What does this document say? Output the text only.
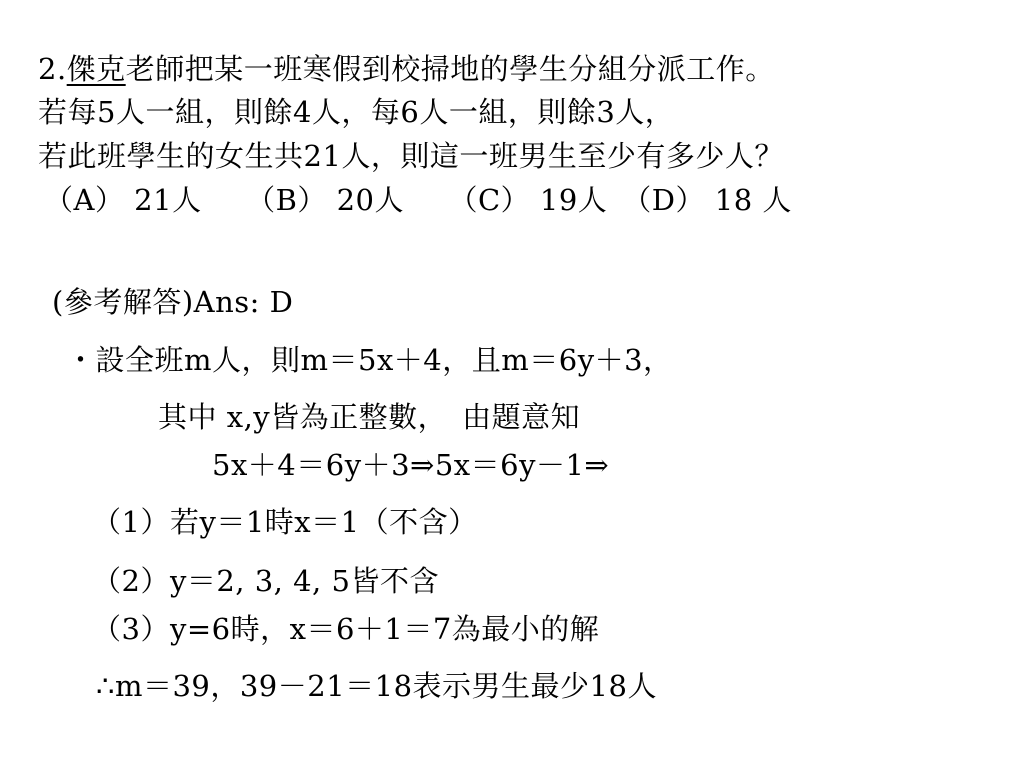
2.傑克老師把某一班寒假到校掃地的學生分組分派工作。
若每5人一組，則餘4人，每6人一組，則餘3人，
若此班學生的女生共21人，則這一班男生至少有多少人？
（A） 21人　　（B） 20人　　（C） 19人　（D） 18 人
(參考解答)Ans: D
・設全班m人，則m＝5x＋4，且m＝6y＋3，
其中 x,y皆為正整數，　由題意知
5x＋4＝6y＋3⇒5x＝6y－1⇒
（1）若y＝1時x＝1（不含）
（2）y＝2, 3, 4, 5皆不含
（3）y=6時，x＝6＋1＝7為最小的解
∴m＝39，39－21＝18表示男生最少18人
